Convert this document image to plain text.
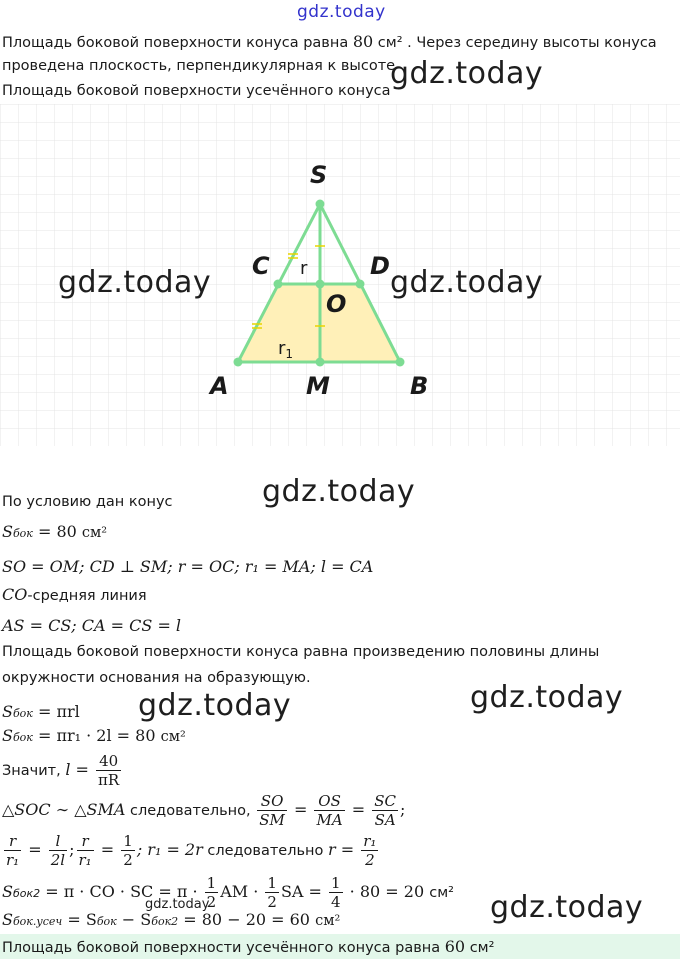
gdz.today
Площадь боковой поверхности конуса равна 80 см² . Через середину высоты конуса
проведена плоскость, перпендикулярная к высоте
Площадь боковой поверхности усечённого конуса gdz.today
S
C	D
O
A	M	B
r
$r_1$
gdz.today	gdz.today
По условию дан конус	gdz.today
Sбок = 80 см²
SO = OM; CD ⊥ SM; r = OC; r₁ = MA; l = CA
CO-средняя линия
AS = CS; CA = CS = l
Площадь боковой поверхности конуса равна произведению половины длины
окружности основания на образующую.
gdz.today
Sбок = πrl gdz.today
Sбок = πr₁ · 2l = 80 см²
Значит, $l = \frac{40}{\pi R}$
△SOC ∼ △SMA следовательно, $\frac{SO}{SM} = \frac{OS}{MA} = \frac{SC}{SA}$ ;
$\frac{r}{\text{r₁}} = \frac{l}{2l}$ ; $\frac{r}{\text{r₁}} = \frac{1}{2}$ ; r₁ = 2r следовательно $r = \frac{\text{r₁}}{2}$
Sбок2 = π · CO · SC = $\pi \cdot \frac{1}{2}$ AM · $\frac{1}{2}$ SA = $\frac{1}{4} \cdot 80 = 20$ см²
gdz.today
Sбок.усеч = Sбок − Sбок2 = 80 − 20 = 60 см²	gdz.today
Площадь боковой поверхности усечённого конуса равна 60 см²
